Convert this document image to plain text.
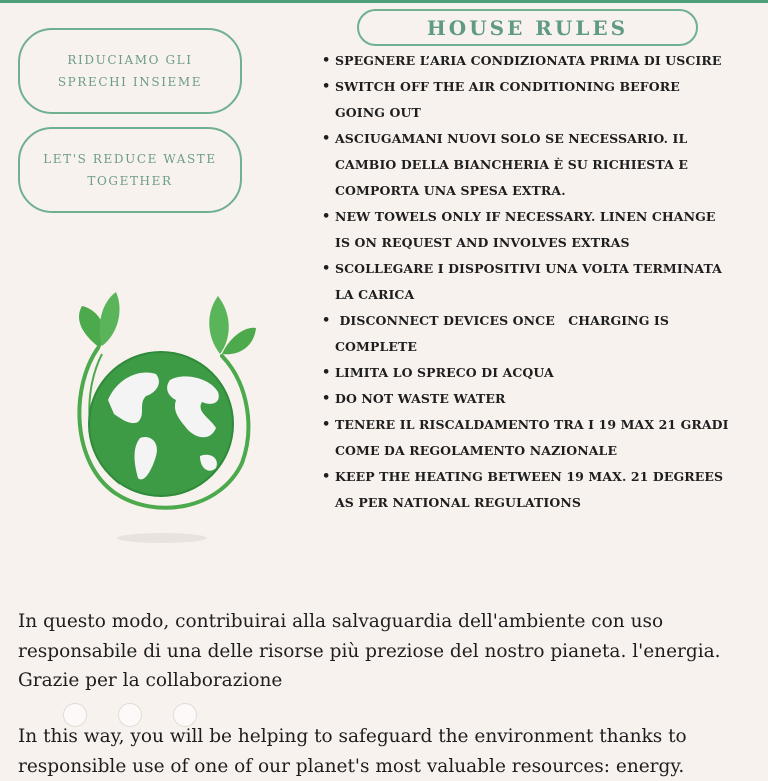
RIDUCIAMO GLI
SPRECHI INSIEME
LET'S REDUCE WASTE
TOGETHER
HOUSE RULES
• SPEGNERE L’ARIA CONDIZIONATA PRIMA DI USCIRE
• SWITCH OFF THE AIR CONDITIONING BEFORE
GOING OUT
• ASCIUGAMANI NUOVI SOLO SE NECESSARIO. IL
CAMBIO DELLA BIANCHERIA È SU RICHIESTA E
COMPORTA UNA SPESA EXTRA.
• NEW TOWELS ONLY IF NECESSARY. LINEN CHANGE
IS ON REQUEST AND INVOLVES EXTRAS
• SCOLLEGARE I DISPOSITIVI UNA VOLTA TERMINATA
LA CARICA
•  DISCONNECT DEVICES ONCE   CHARGING IS
COMPLETE
• LIMITA LO SPRECO DI ACQUA
• DO NOT WASTE WATER
• TENERE IL RISCALDAMENTO TRA I 19 MAX 21 GRADI
COME DA REGOLAMENTO NAZIONALE
• KEEP THE HEATING BETWEEN 19 MAX. 21 DEGREES
AS PER NATIONAL REGULATIONS
In questo modo, contribuirai alla salvaguardia dell'ambiente con uso
responsabile di una delle risorse più preziose del nostro pianeta. l'energia.
Grazie per la collaborazione
In this way, you will be helping to safeguard the environment thanks to
responsible use of one of our planet's most valuable resources: energy.
